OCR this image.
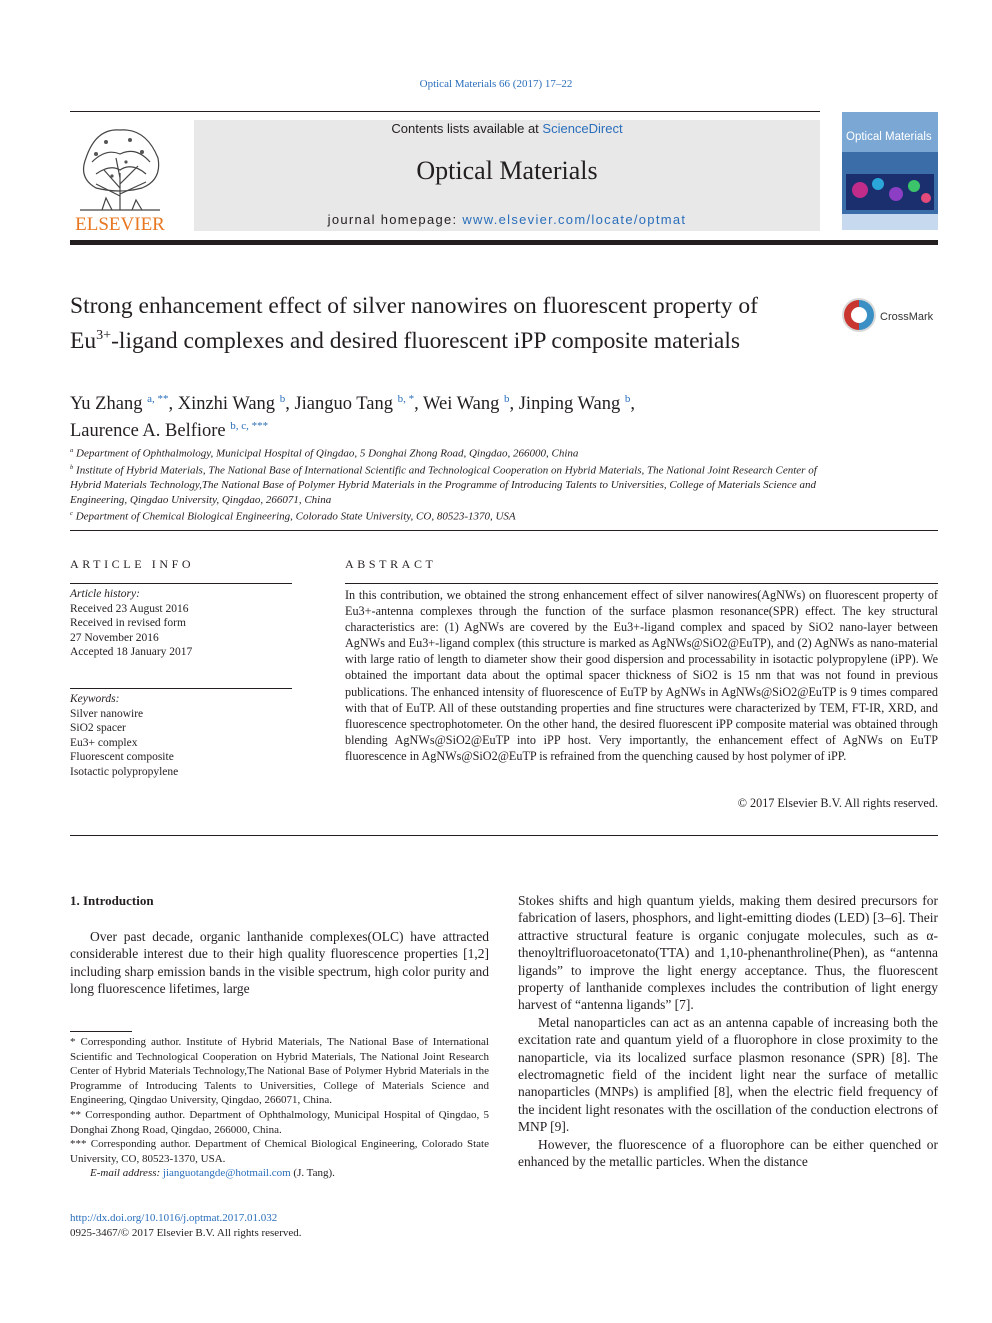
Optical Materials 66 (2017) 17–22
ELSEVIER
Contents lists available at ScienceDirect
Optical Materials
journal homepage: www.elsevier.com/locate/optmat
Optical Materials
Strong enhancement effect of silver nanowires on fluorescent property of $Eu^{3+}$-ligand complexes and desired fluorescent iPP composite materials
CrossMark
Yu Zhang $^{a, **}$, Xinzhi Wang $^b$, Jianguo Tang $^{b, *}$, Wei Wang $^b$, Jinping Wang $^b$,
Laurence A. Belfiore $^{b, c, ***}$
$^a$ Department of Ophthalmology, Municipal Hospital of Qingdao, 5 Donghai Zhong Road, Qingdao, 266000, China
$^b$ Institute of Hybrid Materials, The National Base of International Scientific and Technological Cooperation on Hybrid Materials, The National Joint Research Center of Hybrid Materials Technology,The National Base of Polymer Hybrid Materials in the Programme of Introducing Talents to Universities, College of Materials Science and Engineering, Qingdao University, Qingdao, 266071, China
$^c$ Department of Chemical Biological Engineering, Colorado State University, CO, 80523-1370, USA
ARTICLE INFO
Article history:
Received 23 August 2016
Received in revised form
27 November 2016
Accepted 18 January 2017
Keywords:
Silver nanowire
SiO2 spacer
Eu3+ complex
Fluorescent composite
Isotactic polypropylene
ABSTRACT
In this contribution, we obtained the strong enhancement effect of silver nanowires(AgNWs) on fluorescent property of Eu3+-antenna complexes through the function of the surface plasmon resonance(SPR) effect. The key structural characteristics are: (1) AgNWs are covered by the Eu3+-ligand complex and spaced by SiO2 nano-layer between AgNWs and Eu3+-ligand complex (this structure is marked as AgNWs@SiO2@EuTP), and (2) AgNWs as nano-material with large ratio of length to diameter show their good dispersion and processability in isotactic polypropylene (iPP). We obtained the important data about the optimal spacer thickness of SiO2 is 15 nm that was not found in previous publications. The enhanced intensity of fluorescence of EuTP by AgNWs in AgNWs@SiO2@EuTP is 9 times compared with that of EuTP. All of these outstanding properties and fine structures were characterized by TEM, FT-IR, XRD, and fluorescence spectrophotometer. On the other hand, the desired fluorescent iPP composite material was obtained through blending AgNWs@SiO2@EuTP into iPP host. Very importantly, the enhancement effect of AgNWs on EuTP fluorescence in AgNWs@SiO2@EuTP is refrained from the quenching caused by host polymer of iPP.
© 2017 Elsevier B.V. All rights reserved.
1. Introduction
Over past decade, organic lanthanide complexes(OLC) have attracted considerable interest due to their high quality fluorescence properties [1,2] including sharp emission bands in the visible spectrum, high color purity and long fluorescence lifetimes, large

* Corresponding author. Institute of Hybrid Materials, The National Base of International Scientific and Technological Cooperation on Hybrid Materials, The National Joint Research Center of Hybrid Materials Technology,The National Base of Polymer Hybrid Materials in the Programme of Introducing Talents to Universities, College of Materials Science and Engineering, Qingdao University, Qingdao, 266071, China.

** Corresponding author. Department of Ophthalmology, Municipal Hospital of Qingdao, 5 Donghai Zhong Road, Qingdao, 266000, China.

*** Corresponding author. Department of Chemical Biological Engineering, Colorado State University, CO, 80523-1370, USA.

E-mail address: jianguotangde@hotmail.com (J. Tang).

http://dx.doi.org/10.1016/j.optmat.2017.01.032
0925-3467/© 2017 Elsevier B.V. All rights reserved.

Stokes shifts and high quantum yields, making them desired precursors for fabrication of lasers, phosphors, and light-emitting diodes (LED) [3–6]. Their attractive structural feature is organic conjugate molecules, such as α-thenoyltrifluoroacetonato(TTA) and 1,10-phenanthroline(Phen), as “antenna ligands” to improve the light energy acceptance. Thus, the fluorescent property of lanthanide complexes includes the contribution of light energy harvest of “antenna ligands” [7].

Metal nanoparticles can act as an antenna capable of increasing both the excitation rate and quantum yield of a fluorophore in close proximity to the nanoparticle, via its localized surface plasmon resonance (SPR) [8]. The electromagnetic field of the incident light near the surface of metallic nanoparticles (MNPs) is amplified [8], when the electric field frequency of the incident light resonates with the oscillation of the conduction electrons of MNP [9].

However, the fluorescence of a fluorophore can be either quenched or enhanced by the metallic particles. When the distance
